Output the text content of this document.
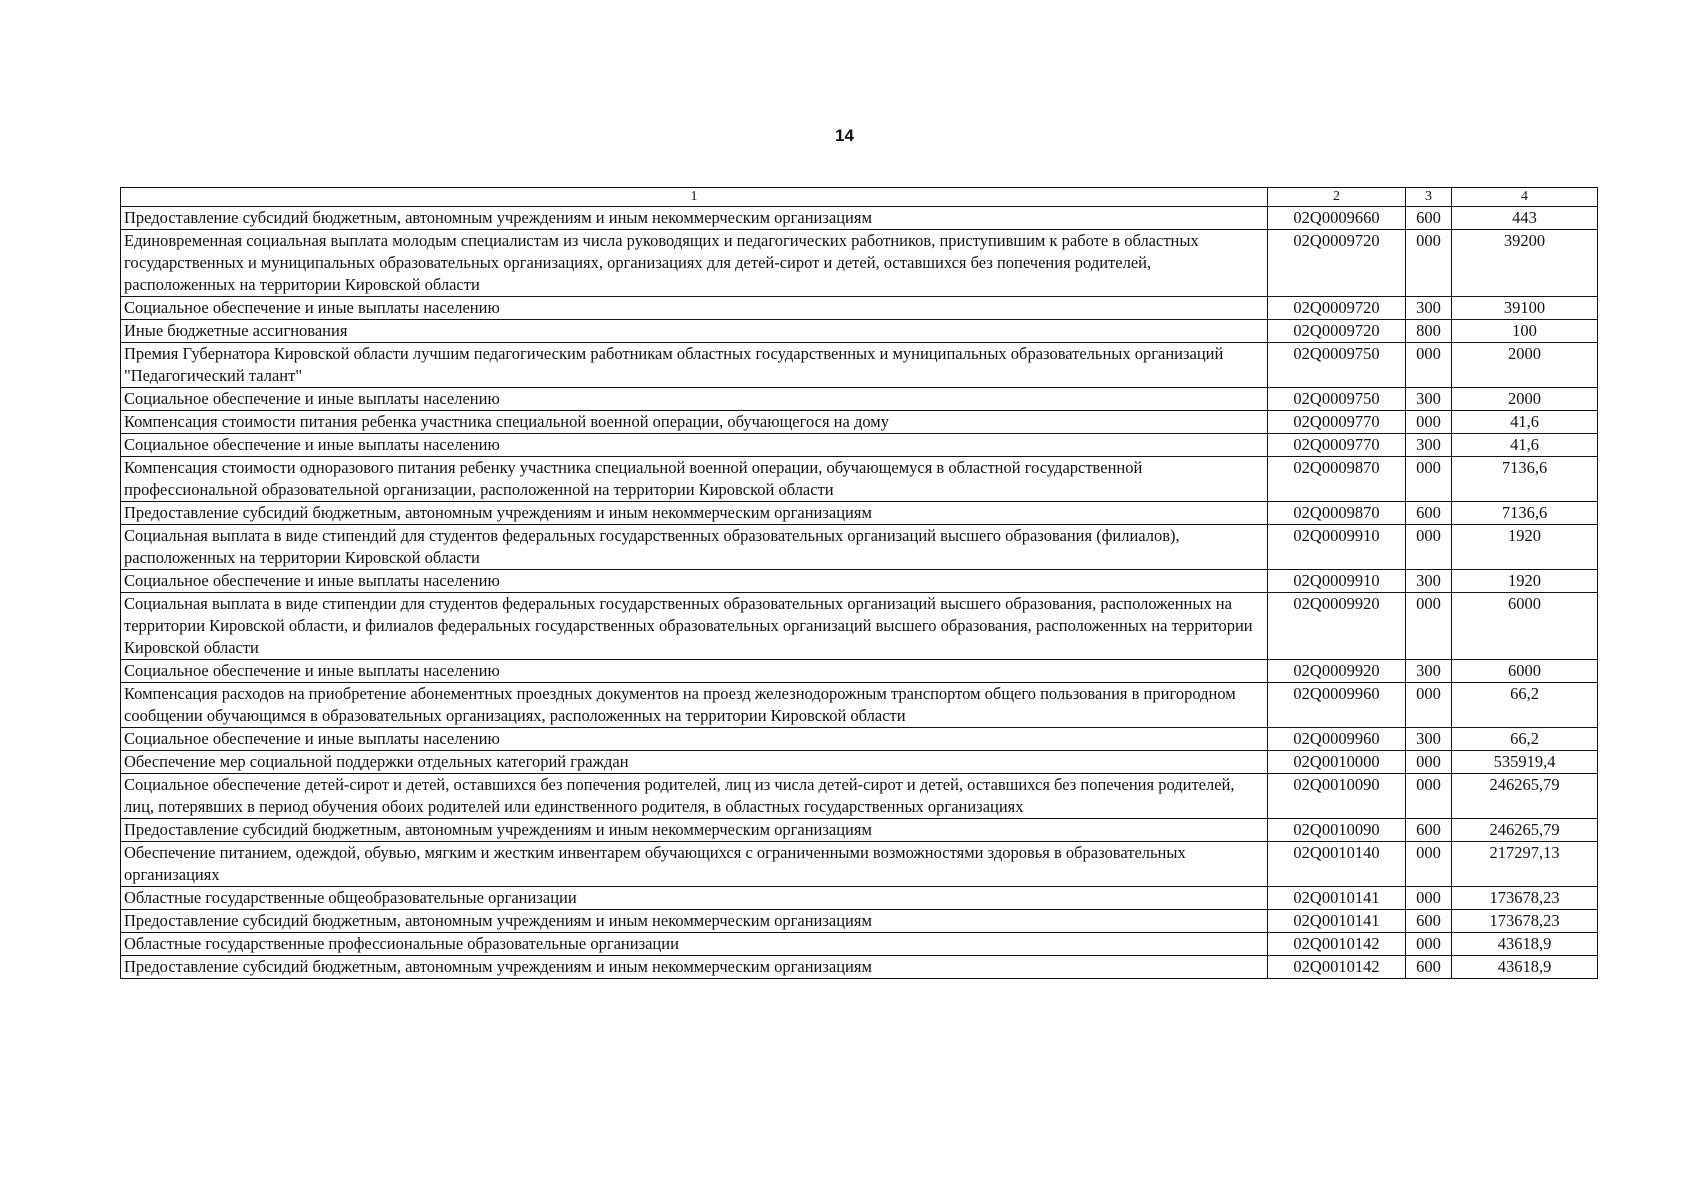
14
1	2	3	4
Предоставление субсидий бюджетным, автономным учреждениям и иным некоммерческим организациям	02Q0009660	600	443
Единовременная социальная выплата молодым специалистам из числа руководящих и педагогических работников, приступившим к работе в областных государственных и муниципальных образовательных организациях, организациях для детей-сирот и детей, оставшихся без попечения родителей, расположенных на территории Кировской области	02Q0009720	000	39200
Социальное обеспечение и иные выплаты населению	02Q0009720	300	39100
Иные бюджетные ассигнования	02Q0009720	800	100
Премия Губернатора Кировской области лучшим педагогическим работникам областных государственных и муниципальных образовательных организаций "Педагогический талант"	02Q0009750	000	2000
Социальное обеспечение и иные выплаты населению	02Q0009750	300	2000
Компенсация стоимости питания ребенка участника специальной военной операции, обучающегося на дому	02Q0009770	000	41,6
Социальное обеспечение и иные выплаты населению	02Q0009770	300	41,6
Компенсация стоимости одноразового питания ребенку участника специальной военной операции, обучающемуся в областной государственной профессиональной образовательной организации, расположенной на территории Кировской области	02Q0009870	000	7136,6
Предоставление субсидий бюджетным, автономным учреждениям и иным некоммерческим организациям	02Q0009870	600	7136,6
Социальная выплата в виде стипендий для студентов федеральных государственных образовательных организаций высшего образования (филиалов), расположенных на территории Кировской области	02Q0009910	000	1920
Социальное обеспечение и иные выплаты населению	02Q0009910	300	1920
Социальная выплата в виде стипендии для студентов федеральных государственных образовательных организаций высшего образования, расположенных на территории Кировской области, и филиалов федеральных государственных образовательных организаций высшего образования, расположенных на территории Кировской области	02Q0009920	000	6000
Социальное обеспечение и иные выплаты населению	02Q0009920	300	6000
Компенсация расходов на приобретение абонементных проездных документов на проезд железнодорожным транспортом общего пользования в пригородном сообщении обучающимся в образовательных организациях, расположенных на территории Кировской области	02Q0009960	000	66,2
Социальное обеспечение и иные выплаты населению	02Q0009960	300	66,2
Обеспечение мер социальной поддержки отдельных категорий граждан	02Q0010000	000	535919,4
Социальное обеспечение детей-сирот и детей, оставшихся без попечения родителей, лиц из числа детей-сирот и детей, оставшихся без попечения родителей, лиц, потерявших в период обучения обоих родителей или единственного родителя, в областных государственных организациях	02Q0010090	000	246265,79
Предоставление субсидий бюджетным, автономным учреждениям и иным некоммерческим организациям	02Q0010090	600	246265,79
Обеспечение питанием, одеждой, обувью, мягким и жестким инвентарем обучающихся с ограниченными возможностями здоровья в образовательных организациях	02Q0010140	000	217297,13
Областные государственные общеобразовательные организации	02Q0010141	000	173678,23
Предоставление субсидий бюджетным, автономным учреждениям и иным некоммерческим организациям	02Q0010141	600	173678,23
Областные государственные профессиональные образовательные организации	02Q0010142	000	43618,9
Предоставление субсидий бюджетным, автономным учреждениям и иным некоммерческим организациям	02Q0010142	600	43618,9
